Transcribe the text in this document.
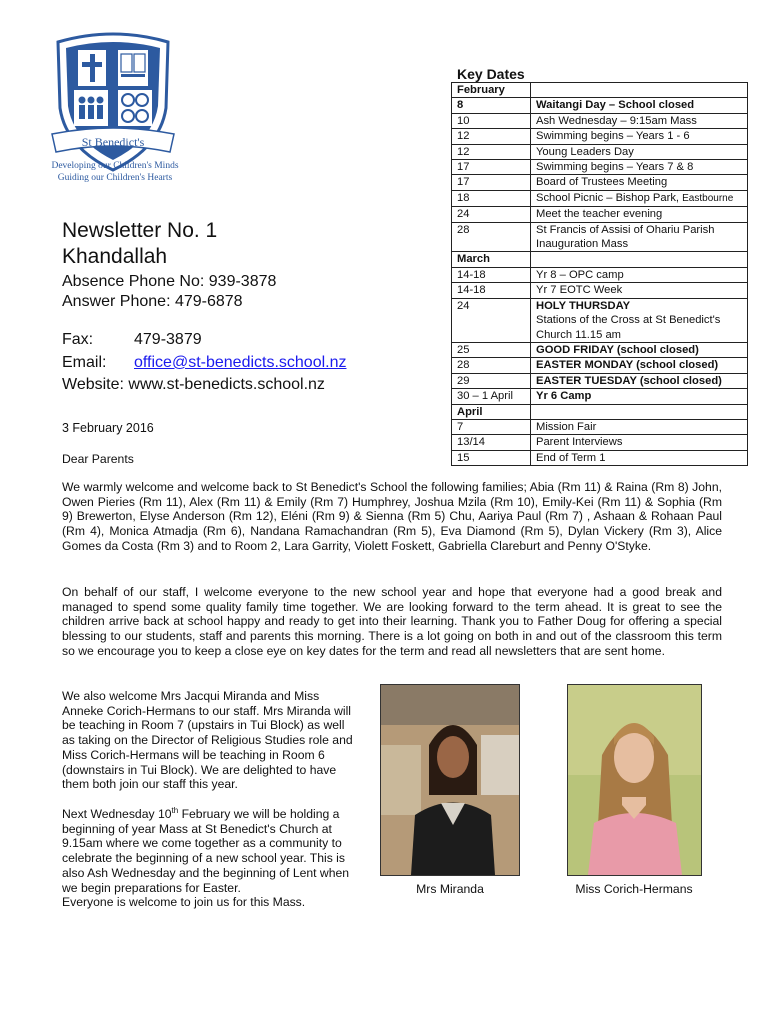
St Benedict's
Developing our Children's Minds
Guiding our Children's Hearts
Newsletter No. 1
Khandallah
Absence Phone No: 939-3878
Answer Phone: 479-6878
Fax:	479-3879
Email: office@st-benedicts.school.nz
Website: www.st-benedicts.school.nz
3 February 2016
Key Dates
February	
8	Waitangi Day – School closed
10	Ash Wednesday – 9:15am Mass
12	Swimming begins – Years 1 - 6
12	Young Leaders Day
17	Swimming begins – Years 7 & 8
17	Board of Trustees Meeting
18	School Picnic – Bishop Park, Eastbourne
24	Meet the teacher evening
28	St Francis of Assisi of Ohariu Parish
Inauguration Mass

March	
14-18	Yr 8 – OPC camp
14-18	Yr 7 EOTC Week
24	HOLY THURSDAY
Stations of the Cross at St Benedict's
Church 11.15 am

25	GOOD FRIDAY (school closed)
28	EASTER MONDAY (school closed)
29	EASTER TUESDAY (school closed)
30 – 1 April	Yr 6 Camp
April	
7	Mission Fair
13/14	Parent Interviews
15	End of Term 1
Dear Parents
We warmly welcome and welcome back to St Benedict's School the following families; Abia (Rm 11) & Raina (Rm 8) John, Owen Pieries (Rm 11), Alex (Rm 11) & Emily (Rm 7) Humphrey, Joshua Mzila (Rm 10), Emily-Kei (Rm 11) & Sophia (Rm 9) Brewerton, Elyse Anderson (Rm 12), Eléni (Rm 9) & Sienna (Rm 5) Chu, Aariya Paul (Rm 7) , Ashaan & Rohaan Paul (Rm 4), Monica Atmadja (Rm 6), Nandana Ramachandran (Rm 5), Eva Diamond (Rm 5), Dylan Vickery (Rm 3), Alice Gomes da Costa (Rm 3) and to Room 2, Lara Garrity, Violett Foskett, Gabriella Clareburt and Penny O'Styke.
On behalf of our staff, I welcome everyone to the new school year and hope that everyone had a good break and managed to spend some quality family time together. We are looking forward to the term ahead. It is great to see the children arrive back at school happy and ready to get into their learning. Thank you to Father Doug for offering a special blessing to our students, staff and parents this morning. There is a lot going on both in and out of the classroom this term so we encourage you to keep a close eye on key dates for the term and read all newsletters that are sent home.
We also welcome Mrs Jacqui Miranda and Miss Anneke Corich-Hermans to our staff. Mrs Miranda will be teaching in Room 7 (upstairs in Tui Block) as well as taking on the Director of Religious Studies role and Miss Corich-Hermans will be teaching in Room 6 (downstairs in Tui Block). We are delighted to have them both join our staff this year.
Next Wednesday 10th February we will be holding a beginning of year Mass at St Benedict's Church at 9.15am where we come together as a community to celebrate the beginning of a new school year. This is also Ash Wednesday and the beginning of Lent when we begin preparations for Easter.
Everyone is welcome to join us for this Mass.
Mrs Miranda	Miss Corich-Hermans
